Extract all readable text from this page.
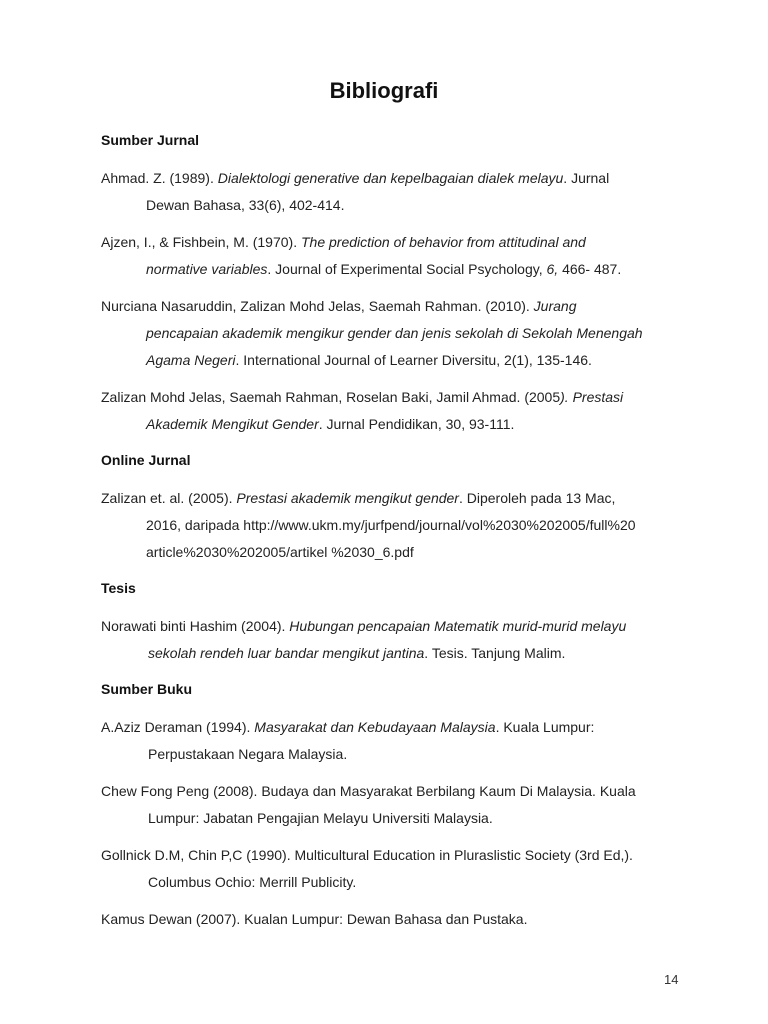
Bibliografi
Sumber Jurnal
Ahmad. Z. (1989). Dialektologi generative dan kepelbagaian dialek melayu. Jurnal
Dewan Bahasa, 33(6), 402-414.
Ajzen, I., & Fishbein, M. (1970). The prediction of behavior from attitudinal and
normative variables. Journal of Experimental Social Psychology, 6, 466- 487.
Nurciana Nasaruddin, Zalizan Mohd Jelas, Saemah Rahman. (2010). Jurang
pencapaian akademik mengikur gender dan jenis sekolah di Sekolah Menengah
Agama Negeri. International Journal of Learner Diversitu, 2(1), 135-146.
Zalizan Mohd Jelas, Saemah Rahman, Roselan Baki, Jamil Ahmad. (2005). Prestasi
Akademik Mengikut Gender. Jurnal Pendidikan, 30, 93-111.
Online Jurnal
Zalizan et. al. (2005). Prestasi akademik mengikut gender. Diperoleh pada 13 Mac,
2016, daripada http://www.ukm.my/jurfpend/journal/vol%2030%202005/full%20
article%2030%202005/artikel %2030_6.pdf
Tesis
Norawati binti Hashim (2004). Hubungan pencapaian Matematik murid-murid melayu
sekolah rendeh luar bandar mengikut jantina. Tesis. Tanjung Malim.
Sumber Buku
A.Aziz Deraman (1994). Masyarakat dan Kebudayaan Malaysia. Kuala Lumpur:
Perpustakaan Negara Malaysia.
Chew Fong Peng (2008). Budaya dan Masyarakat Berbilang Kaum Di Malaysia. Kuala
Lumpur: Jabatan Pengajian Melayu Universiti Malaysia.
Gollnick D.M, Chin P,C (1990). Multicultural Education in Pluraslistic Society (3rd Ed,).
Columbus Ochio: Merrill Publicity.
Kamus Dewan (2007). Kualan Lumpur: Dewan Bahasa dan Pustaka.
14
